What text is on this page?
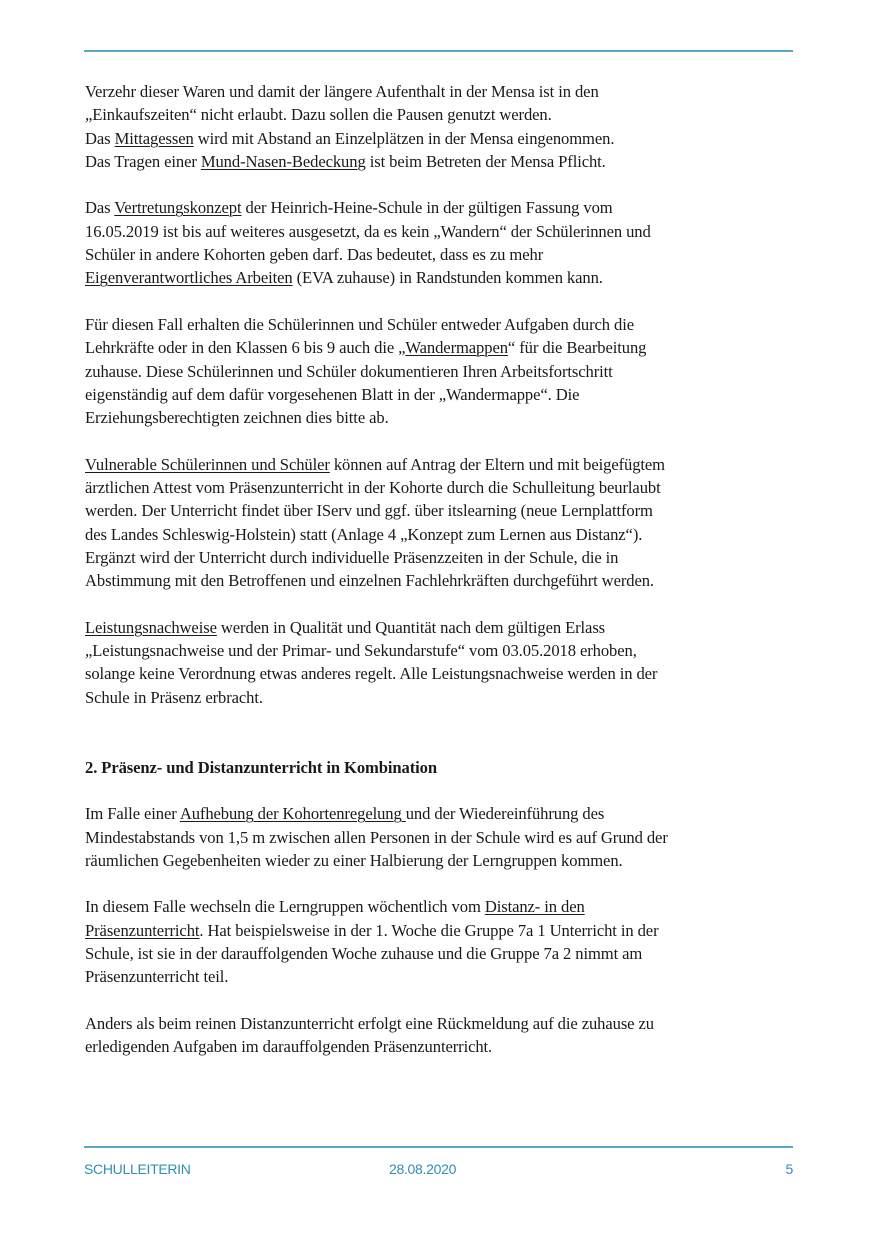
Verzehr dieser Waren und damit der längere Aufenthalt in der Mensa ist in den
„Einkaufszeiten“ nicht erlaubt. Dazu sollen die Pausen genutzt werden.
Das Mittagessen wird mit Abstand an Einzelplätzen in der Mensa eingenommen.
Das Tragen einer Mund-Nasen-Bedeckung ist beim Betreten der Mensa Pflicht.

Das Vertretungskonzept der Heinrich-Heine-Schule in der gültigen Fassung vom
16.05.2019 ist bis auf weiteres ausgesetzt, da es kein „Wandern“ der Schülerinnen und
Schüler in andere Kohorten geben darf. Das bedeutet, dass es zu mehr
Eigenverantwortliches Arbeiten (EVA zuhause) in Randstunden kommen kann.

Für diesen Fall erhalten die Schülerinnen und Schüler entweder Aufgaben durch die
Lehrkräfte oder in den Klassen 6 bis 9 auch die „Wandermappen“ für die Bearbeitung
zuhause. Diese Schülerinnen und Schüler dokumentieren Ihren Arbeitsfortschritt
eigenständig auf dem dafür vorgesehenen Blatt in der „Wandermappe“. Die
Erziehungsberechtigten zeichnen dies bitte ab.

Vulnerable Schülerinnen und Schüler können auf Antrag der Eltern und mit beigefügtem
ärztlichen Attest vom Präsenzunterricht in der Kohorte durch die Schulleitung beurlaubt
werden. Der Unterricht findet über IServ und ggf. über itslearning (neue Lernplattform
des Landes Schleswig-Holstein) statt (Anlage 4 „Konzept zum Lernen aus Distanz“).
Ergänzt wird der Unterricht durch individuelle Präsenzzeiten in der Schule, die in
Abstimmung mit den Betroffenen und einzelnen Fachlehrkräften durchgeführt werden.

Leistungsnachweise werden in Qualität und Quantität nach dem gültigen Erlass
„Leistungsnachweise und der Primar- und Sekundarstufe“ vom 03.05.2018 erhoben,
solange keine Verordnung etwas anderes regelt. Alle Leistungsnachweise werden in der
Schule in Präsenz erbracht.

2. Präsenz- und Distanzunterricht in Kombination

Im Falle einer Aufhebung der Kohortenregelung und der Wiedereinführung des
Mindestabstands von 1,5 m zwischen allen Personen in der Schule wird es auf Grund der
räumlichen Gegebenheiten wieder zu einer Halbierung der Lerngruppen kommen.

In diesem Falle wechseln die Lerngruppen wöchentlich vom Distanz- in den
Präsenzunterricht. Hat beispielsweise in der 1. Woche die Gruppe 7a 1 Unterricht in der
Schule, ist sie in der darauffolgenden Woche zuhause und die Gruppe 7a 2 nimmt am
Präsenzunterricht teil.

Anders als beim reinen Distanzunterricht erfolgt eine Rückmeldung auf die zuhause zu
erledigenden Aufgaben im darauffolgenden Präsenzunterricht.

SCHULLEITERIN	28.08.2020	5
